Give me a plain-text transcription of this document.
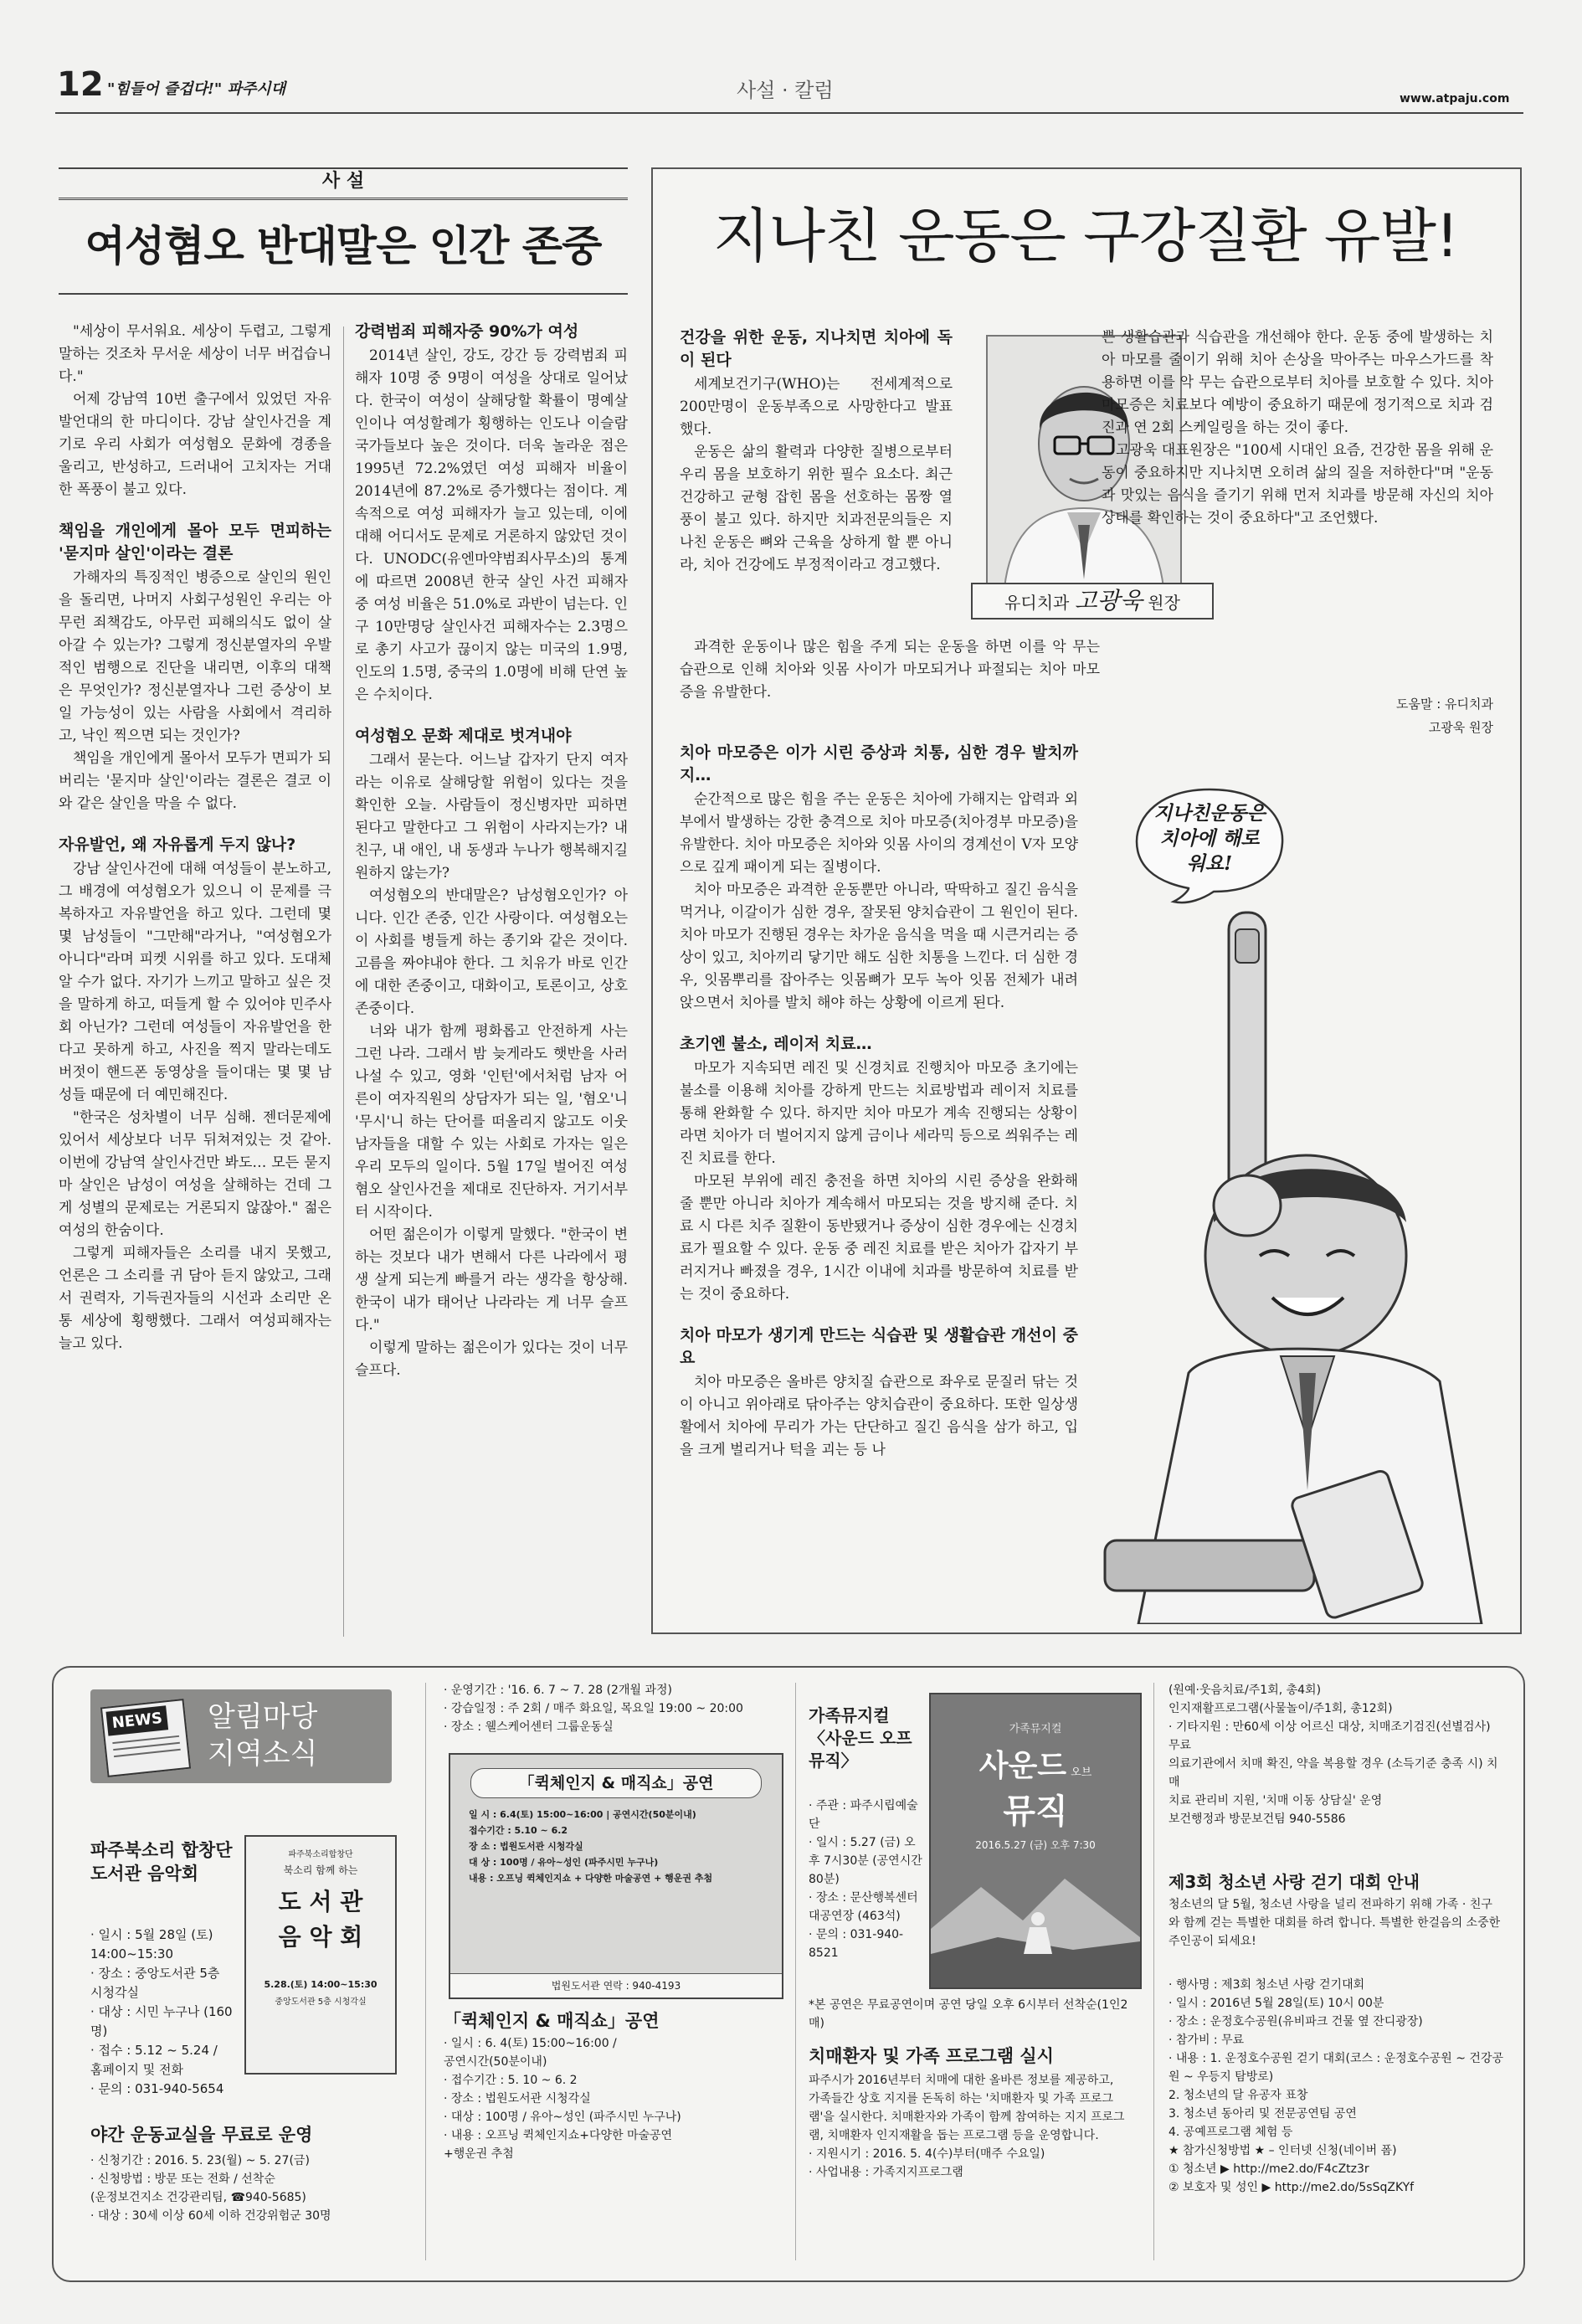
12 "힘들어 즐겁다!" 파주시대	사설 · 칼럼	www.atpaju.com
사 설
여성혐오 반대말은 인간 존중

"세상이 무서워요. 세상이 두렵고, 그렇게 말하는 것조차 무서운 세상이 너무 버겁습니다."

어제 강남역 10번 출구에서 있었던 자유발언대의 한 마디이다. 강남 살인사건을 계기로 우리 사회가 여성혐오 문화에 경종을 울리고, 반성하고, 드러내어 고치자는 거대한 폭풍이 불고 있다.

책임을 개인에게 몰아 모두 면피하는 '묻지마 살인'이라는 결론

가해자의 특징적인 병증으로 살인의 원인을 돌리면, 나머지 사회구성원인 우리는 아무런 죄책감도, 아무런 피해의식도 없이 살아갈 수 있는가? 그렇게 정신분열자의 우발적인 범행으로 진단을 내리면, 이후의 대책은 무엇인가? 정신분열자나 그런 증상이 보일 가능성이 있는 사람을 사회에서 격리하고, 낙인 찍으면 되는 것인가?

책임을 개인에게 몰아서 모두가 면피가 되버리는 '묻지마 살인'이라는 결론은 결코 이와 같은 살인을 막을 수 없다.

자유발언, 왜 자유롭게 두지 않나?

강남 살인사건에 대해 여성들이 분노하고, 그 배경에 여성혐오가 있으니 이 문제를 극복하자고 자유발언을 하고 있다. 그런데 몇몇 남성들이 "그만해"라거나, "여성혐오가 아니다"라며 피켓 시위를 하고 있다. 도대체 알 수가 없다. 자기가 느끼고 말하고 싶은 것을 말하게 하고, 떠들게 할 수 있어야 민주사회 아닌가? 그런데 여성들이 자유발언을 한다고 못하게 하고, 사진을 찍지 말라는데도 버젓이 핸드폰 동영상을 들이대는 몇 몇 남성들 때문에 더 예민해진다.

"한국은 성차별이 너무 심해. 젠더문제에 있어서 세상보다 너무 뒤쳐져있는 것 같아. 이번에 강남역 살인사건만 봐도… 모든 묻지마 살인은 남성이 여성을 살해하는 건데 그게 성별의 문제로는 거론되지 않잖아." 젊은 여성의 한숨이다.

그렇게 피해자들은 소리를 내지 못했고, 언론은 그 소리를 귀 담아 듣지 않았고, 그래서 권력자, 기득권자들의 시선과 소리만 온통 세상에 횡행했다. 그래서 여성피해자는 늘고 있다.

강력범죄 피해자중 90%가 여성

2014년 살인, 강도, 강간 등 강력범죄 피해자 10명 중 9명이 여성을 상대로 일어났다. 한국이 여성이 살해당할 확률이 명예살인이나 여성할례가 횡행하는 인도나 이슬람 국가들보다 높은 것이다. 더욱 놀라운 점은 1995년 72.2%였던 여성 피해자 비율이 2014년에 87.2%로 증가했다는 점이다. 계속적으로 여성 피해자가 늘고 있는데, 이에 대해 어디서도 문제로 거론하지 않았던 것이다. UNODC(유엔마약범죄사무소)의 통계에 따르면 2008년 한국 살인 사건 피해자 중 여성 비율은 51.0%로 과반이 넘는다. 인구 10만명당 살인사건 피해자수는 2.3명으로 총기 사고가 끊이지 않는 미국의 1.9명, 인도의 1.5명, 중국의 1.0명에 비해 단연 높은 수치이다.

여성혐오 문화 제대로 벗겨내야

그래서 묻는다. 어느날 갑자기 단지 여자라는 이유로 살해당할 위험이 있다는 것을 확인한 오늘. 사람들이 정신병자만 피하면 된다고 말한다고 그 위험이 사라지는가? 내 친구, 내 애인, 내 동생과 누나가 행복해지길 원하지 않는가?

여성혐오의 반대말은? 남성혐오인가? 아니다. 인간 존중, 인간 사랑이다. 여성혐오는 이 사회를 병들게 하는 종기와 같은 것이다. 고름을 짜야내야 한다. 그 치유가 바로 인간에 대한 존중이고, 대화이고, 토론이고, 상호존중이다.

너와 내가 함께 평화롭고 안전하게 사는 그런 나라. 그래서 밤 늦게라도 햇반을 사러 나설 수 있고, 영화 '인턴'에서처럼 남자 어른이 여자직원의 상담자가 되는 일, '혐오'니 '무시'니 하는 단어를 떠올리지 않고도 이웃 남자들을 대할 수 있는 사회로 가자는 일은 우리 모두의 일이다. 5월 17일 벌어진 여성혐오 살인사건을 제대로 진단하자. 거기서부터 시작이다.

어떤 젊은이가 이렇게 말했다. "한국이 변하는 것보다 내가 변해서 다른 나라에서 평생 살게 되는게 빠를거 라는 생각을 항상해. 한국이 내가 태어난 나라라는 게 너무 슬프다."

이렇게 말하는 젊은이가 있다는 것이 너무 슬프다.

지나친 운동은 구강질환 유발!
건강을 위한 운동, 지나치면 치아에 독이 된다

세계보건기구(WHO)는 전세계적으로 200만명이 운동부족으로 사망한다고 발표했다.

운동은 삶의 활력과 다양한 질병으로부터 우리 몸을 보호하기 위한 필수 요소다. 최근 건강하고 균형 잡힌 몸을 선호하는 몸짱 열풍이 불고 있다. 하지만 치과전문의들은 지나친 운동은 뼈와 근육을 상하게 할 뿐 아니라, 치아 건강에도 부정적이라고 경고했다.

유디치과 고광욱 원장
과격한 운동이나 많은 힘을 주게 되는 운동을 하면 이를 악 무는 습관으로 인해 치아와 잇몸 사이가 마모되거나 파절되는 치아 마모증을 유발한다.

쁜 생활습관과 식습관을 개선해야 한다. 운동 중에 발생하는 치아 마모를 줄이기 위해 치아 손상을 막아주는 마우스가드를 착용하면 이를 악 무는 습관으로부터 치아를 보호할 수 있다. 치아 마모증은 치료보다 예방이 중요하기 때문에 정기적으로 치과 검진과 연 2회 스케일링을 하는 것이 좋다.

고광욱 대표원장은 "100세 시대인 요즘, 건강한 몸을 위해 운동이 중요하지만 지나치면 오히려 삶의 질을 저하한다"며 "운동과 맛있는 음식을 즐기기 위해 먼저 치과를 방문해 자신의 치아상태를 확인하는 것이 중요하다"고 조언했다.

도움말 : 유디치과
고광욱 원장
치아 마모증은 이가 시린 증상과 치통, 심한 경우 발치까지…

순간적으로 많은 힘을 주는 운동은 치아에 가해지는 압력과 외부에서 발생하는 강한 충격으로 치아 마모증(치아경부 마모증)을 유발한다. 치아 마모증은 치아와 잇몸 사이의 경계선이 V자 모양으로 깊게 패이게 되는 질병이다.

치아 마모증은 과격한 운동뿐만 아니라, 딱딱하고 질긴 음식을 먹거나, 이갈이가 심한 경우, 잘못된 양치습관이 그 원인이 된다. 치아 마모가 진행된 경우는 차가운 음식을 먹을 때 시큰거리는 증상이 있고, 치아끼리 닿기만 해도 심한 치통을 느낀다. 더 심한 경우, 잇몸뿌리를 잡아주는 잇몸뼈가 모두 녹아 잇몸 전체가 내려 앉으면서 치아를 발치 해야 하는 상황에 이르게 된다.

초기엔 불소, 레이저 치료…

마모가 지속되면 레진 및 신경치료 진행치아 마모증 초기에는 불소를 이용해 치아를 강하게 만드는 치료방법과 레이저 치료를 통해 완화할 수 있다. 하지만 치아 마모가 계속 진행되는 상황이라면 치아가 더 벌어지지 않게 금이나 세라믹 등으로 씌워주는 레진 치료를 한다.

마모된 부위에 레진 충전을 하면 치아의 시린 증상을 완화해 줄 뿐만 아니라 치아가 계속해서 마모되는 것을 방지해 준다. 치료 시 다른 치주 질환이 동반됐거나 증상이 심한 경우에는 신경치료가 필요할 수 있다. 운동 중 레진 치료를 받은 치아가 갑자기 부러지거나 빠졌을 경우, 1시간 이내에 치과를 방문하여 치료를 받는 것이 중요하다.

치아 마모가 생기게 만드는 식습관 및 생활습관 개선이 중요

치아 마모증은 올바른 양치질 습관으로 좌우로 문질러 닦는 것이 아니고 위아래로 닦아주는 양치습관이 중요하다. 또한 일상생활에서 치아에 무리가 가는 단단하고 질긴 음식을 삼가 하고, 입을 크게 벌리거나 턱을 괴는 등 나

지나친운동은 치아에 해로워요!
NEWS	알림마당
지역소식
파주북소리 합창단 도서관 음악회
· 일시 : 5월 28일 (토) 14:00~15:30
· 장소 : 중앙도서관 5층 시청각실
· 대상 : 시민 누구나 (160명)
· 접수 : 5.12 ~ 5.24 / 홈페이지 및 전화
· 문의 : 031-940-5654
파주북소리합창단
북소리 함께 하는
도 서 관
음 악 회
5.28.(토) 14:00~15:30
중앙도서관 5층 시청각실
야간 운동교실을 무료로 운영
· 신청기간 : 2016. 5. 23(월) ~ 5. 27(금)
· 신청방법 : 방문 또는 전화 / 선착순
(운정보건지소 건강관리팀, ☎940-5685)
· 대상 : 30세 이상 60세 이하 건강위험군 30명
· 운영기간 : '16. 6. 7 ~ 7. 28 (2개월 과정)
· 강습일정 : 주 2회 / 매주 화요일, 목요일 19:00 ~ 20:00
· 장소 : 웰스케어센터 그룹운동실
「퀵체인지 & 매직쇼」공연
일 시 : 6.4(토) 15:00~16:00 | 공연시간(50분이내)
접수기간 : 5.10 ~ 6.2
장 소 : 법원도서관 시청각실
대 상 : 100명 / 유아~성인 (파주시민 누구나)
내용 : 오프닝 퀵체인지쇼 + 다양한 마술공연 + 행운권 추첨
법원도서관 연락 : 940-4193
「퀵체인지 & 매직쇼」공연
· 일시 : 6. 4(토) 15:00~16:00 /
공연시간(50분이내)
· 접수기간 : 5. 10 ~ 6. 2
· 장소 : 법원도서관 시청각실
· 대상 : 100명 / 유아~성인 (파주시민 누구나)
· 내용 : 오프닝 퀵체인지쇼+다양한 마술공연
+행운권 추첨
가족뮤지컬 〈사운드 오프 뮤직〉
· 주관 : 파주시립예술단
· 일시 : 5.27 (금) 오후 7시30분 (공연시간 80분)
· 장소 : 문산행복센터 대공연장 (463석)
· 문의 : 031-940-8521
*본 공연은 무료공연이며 공연 당일 오후 6시부터 선착순(1인2매)
가족뮤지컬
사운드 오브
뮤직
2016.5.27 (금) 오후 7:30
치매환자 및 가족 프로그램 실시
파주시가 2016년부터 치매에 대한 올바른 정보를 제공하고, 가족들간 상호 지지를 돈독히 하는 '치매환자 및 가족 프로그램'을 실시한다. 치매환자와 가족이 함께 참여하는 지지 프로그램, 치매환자 인지재활을 돕는 프로그램 등을 운영합니다.
· 지원시기 : 2016. 5. 4(수)부터(매주 수요일)
· 사업내용 : 가족지지프로그램
(원예·웃음치료/주1회, 총4회)
인지재활프로그램(사물놀이/주1회, 총12회)
· 기타지원 : 만60세 이상 어르신 대상, 치매조기검진(선별검사) 무료
의료기관에서 치매 확진, 약을 복용할 경우 (소득기준 충족 시) 치매
치료 관리비 지원, '치매 이동 상담실' 운영
보건행정과 방문보건팀 940-5586
제3회 청소년 사랑 걷기 대회 안내
청소년의 달 5월, 청소년 사랑을 널리 전파하기 위해 가족 · 친구와 함께 걷는 특별한 대회를 하려 합니다. 특별한 한걸음의 소중한 주인공이 되세요!
· 행사명 : 제3회 청소년 사랑 걷기대회
· 일시 : 2016년 5월 28일(토) 10시 00분
· 장소 : 운정호수공원(유비파크 건물 옆 잔디광장)
· 참가비 : 무료
· 내용 : 1. 운정호수공원 걷기 대회(코스 : 운정호수공원 ~ 건강공원 ~ 우등지 탐방로)
2. 청소년의 달 유공자 표창
3. 청소년 동아리 및 전문공연팀 공연
4. 공예프로그램 체험 등
★ 참가신청방법 ★ – 인터넷 신청(네이버 폼)
① 청소년 ▶ http://me2.do/F4cZtz3r
② 보호자 및 성인 ▶ http://me2.do/5sSqZKYf
